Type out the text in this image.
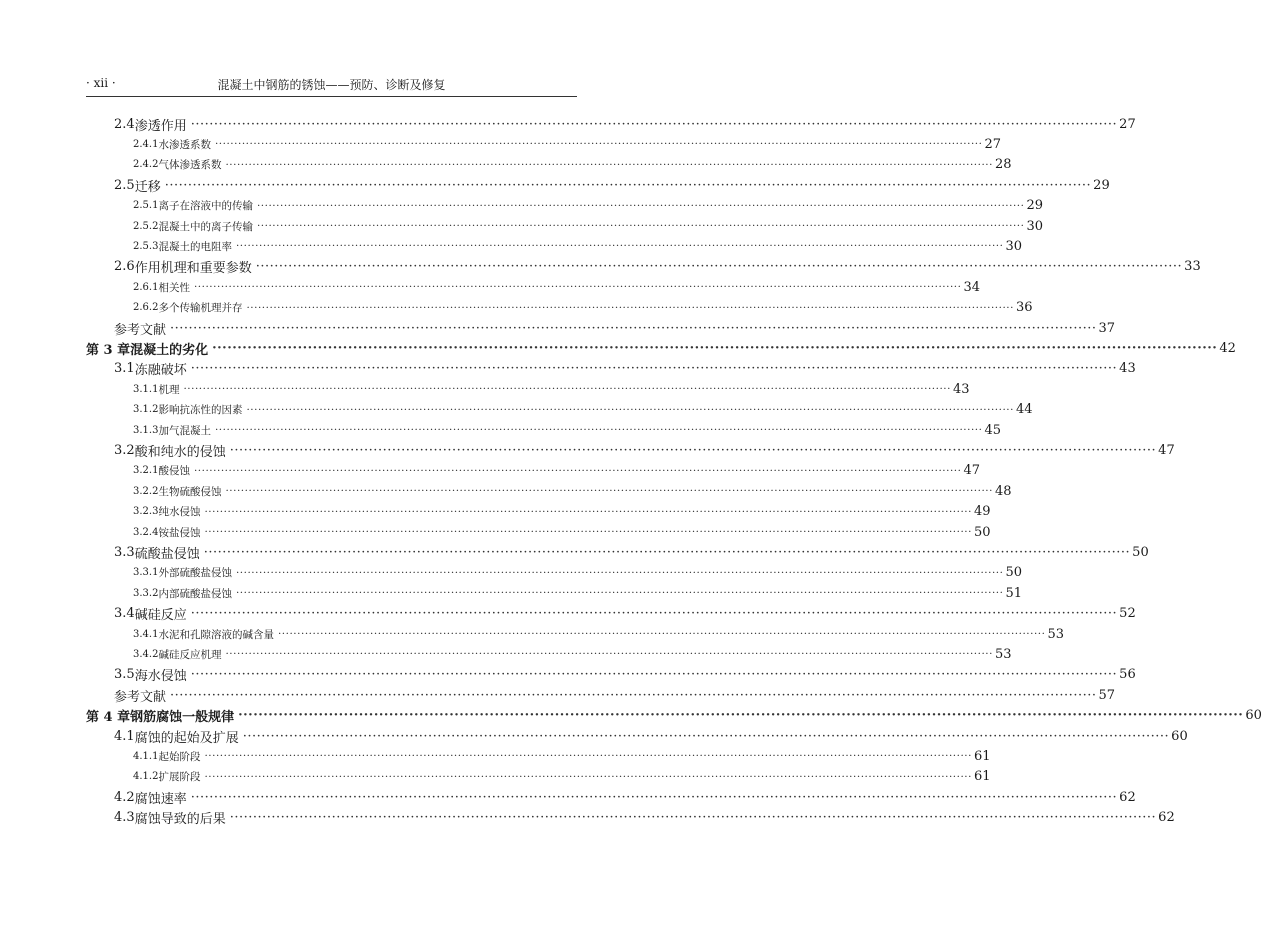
· xii ·	混凝土中钢筋的锈蚀——预防、诊断及修复
2.4 渗透作用 ········································································································································································································ 27
2.4.1 水渗透系数 ········································································································································································································ 27
2.4.2 气体渗透系数 ········································································································································································································ 28
2.5 迁移 ········································································································································································································ 29
2.5.1 离子在溶液中的传输 ········································································································································································································ 29
2.5.2 混凝土中的离子传输 ········································································································································································································ 30
2.5.3 混凝土的电阻率 ········································································································································································································ 30
2.6 作用机理和重要参数 ········································································································································································································ 33
2.6.1 相关性 ········································································································································································································ 34
2.6.2 多个传输机理并存 ········································································································································································································ 36
参考文献 ········································································································································································································ 37
第 3 章 混凝土的劣化 ········································································································································································································ 42
3.1 冻融破坏 ········································································································································································································ 43
3.1.1 机理 ········································································································································································································ 43
3.1.2 影响抗冻性的因素 ········································································································································································································ 44
3.1.3 加气混凝土 ········································································································································································································ 45
3.2 酸和纯水的侵蚀 ········································································································································································································ 47
3.2.1 酸侵蚀 ········································································································································································································ 47
3.2.2 生物硫酸侵蚀 ········································································································································································································ 48
3.2.3 纯水侵蚀 ········································································································································································································ 49
3.2.4 铵盐侵蚀 ········································································································································································································ 50
3.3 硫酸盐侵蚀 ········································································································································································································ 50
3.3.1 外部硫酸盐侵蚀 ········································································································································································································ 50
3.3.2 内部硫酸盐侵蚀 ········································································································································································································ 51
3.4 碱硅反应 ········································································································································································································ 52
3.4.1 水泥和孔隙溶液的碱含量 ········································································································································································································ 53
3.4.2 碱硅反应机理 ········································································································································································································ 53
3.5 海水侵蚀 ········································································································································································································ 56
参考文献 ········································································································································································································ 57
第 4 章 钢筋腐蚀一般规律 ········································································································································································································ 60
4.1 腐蚀的起始及扩展 ········································································································································································································ 60
4.1.1 起始阶段 ········································································································································································································ 61
4.1.2 扩展阶段 ········································································································································································································ 61
4.2 腐蚀速率 ········································································································································································································ 62
4.3 腐蚀导致的后果 ········································································································································································································ 62
